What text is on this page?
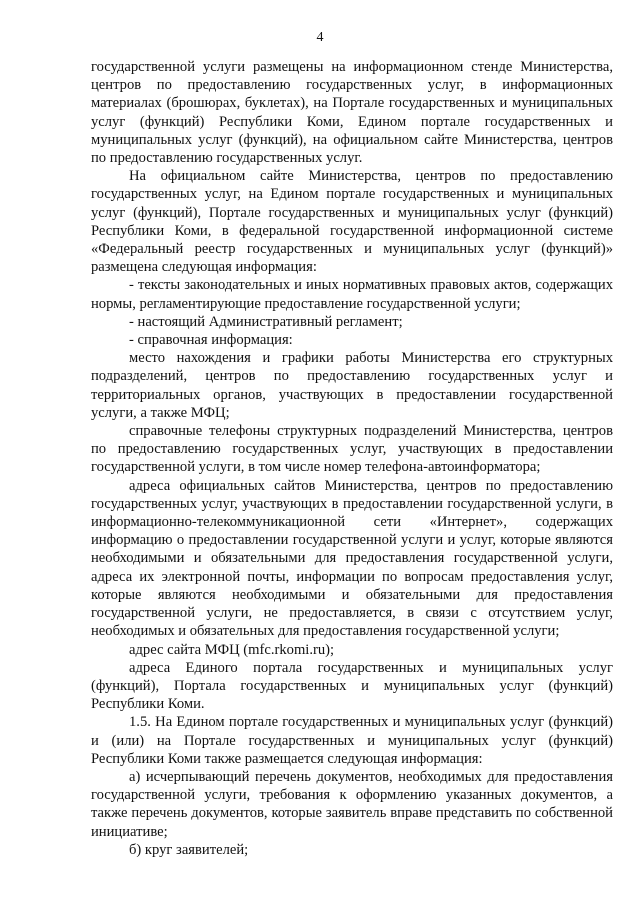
4

государственной услуги размещены на информационном стенде Министерства, центров по предоставлению государственных услуг, в информационных материалах (брошюрах, буклетах), на Портале государственных и муниципальных услуг (функций) Республики Коми, Едином портале государственных и муниципальных услуг (функций), на официальном сайте Министерства, центров по предоставлению государственных услуг.

На официальном сайте Министерства, центров по предоставлению государственных услуг, на Едином портале государственных и муниципальных услуг (функций), Портале государственных и муниципальных услуг (функций) Республики Коми, в федеральной государственной информационной системе «Федеральный реестр государственных и муниципальных услуг (функций)» размещена следующая информация:

- тексты законодательных и иных нормативных правовых актов, содержащих нормы, регламентирующие предоставление государственной услуги;

- настоящий Административный регламент;

- справочная информация:

место нахождения и графики работы Министерства его структурных подразделений, центров по предоставлению государственных услуг и территориальных органов, участвующих в предоставлении государственной услуги, а также МФЦ;

справочные телефоны структурных подразделений Министерства, центров по предоставлению государственных услуг, участвующих в предоставлении государственной услуги, в том числе номер телефона-автоинформатора;

адреса официальных сайтов Министерства, центров по предоставлению государственных услуг, участвующих в предоставлении государственной услуги, в информационно-телекоммуникационной сети «Интернет», содержащих информацию о предоставлении государственной услуги и услуг, которые являются необходимыми и обязательными для предоставления государственной услуги, адреса их электронной почты, информации по вопросам предоставления услуг, которые являются необходимыми и обязательными для предоставления государственной услуги, не предоставляется, в связи с отсутствием услуг, необходимых и обязательных для предоставления государственной услуги;

адрес сайта МФЦ (mfc.rkomi.ru);

адреса Единого портала государственных и муниципальных услуг (функций), Портала государственных и муниципальных услуг (функций) Республики Коми.

1.5. На Едином портале государственных и муниципальных услуг (функций) и (или) на Портале государственных и муниципальных услуг (функций) Республики Коми также размещается следующая информация:

а) исчерпывающий перечень документов, необходимых для предоставления государственной услуги, требования к оформлению указанных документов, а также перечень документов, которые заявитель вправе представить по собственной инициативе;

б) круг заявителей;
